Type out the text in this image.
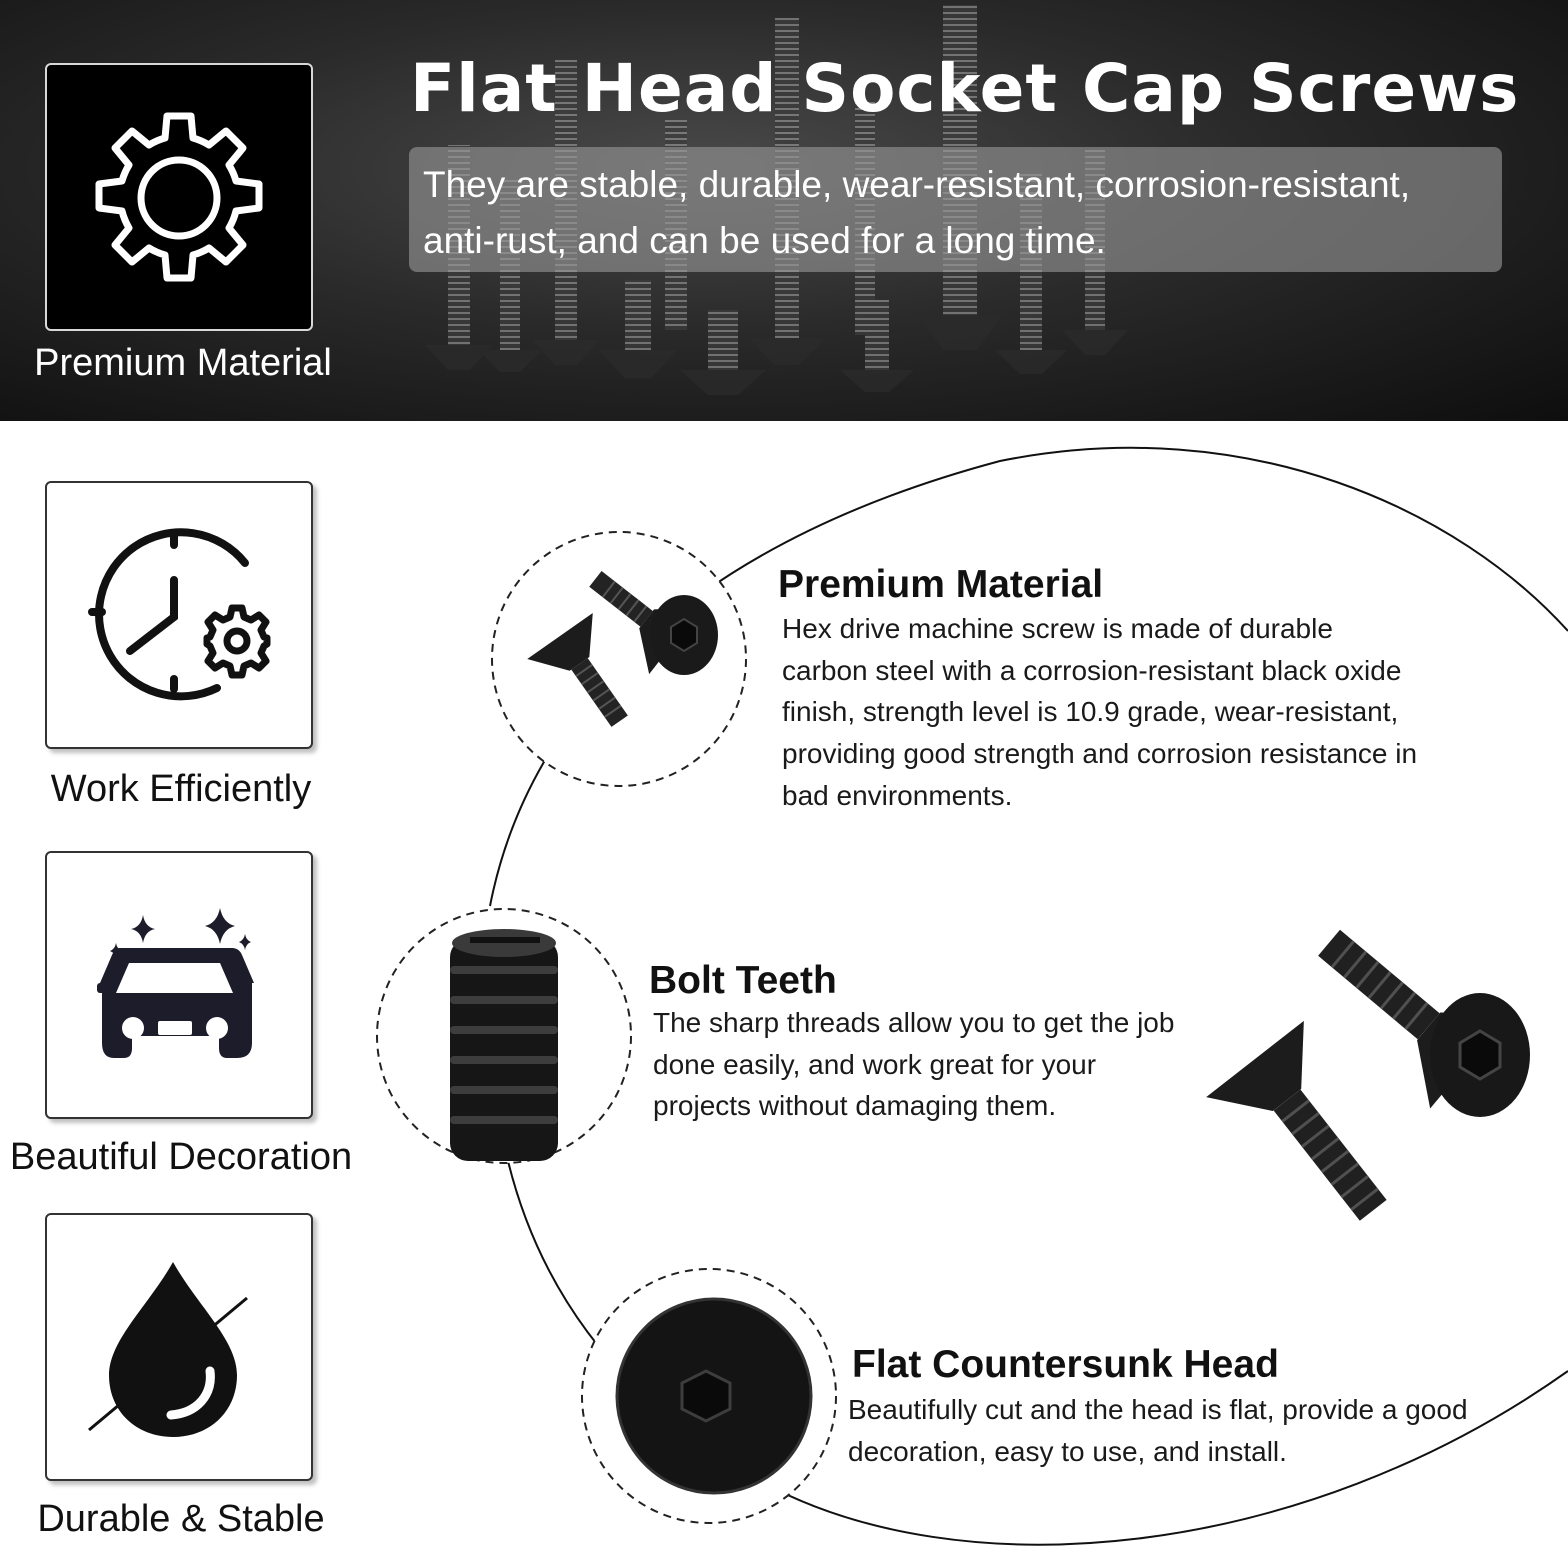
Premium Material
Flat Head Socket Cap Screws
They are stable, durable, wear-resistant, corrosion-resistant, anti-rust, and can be used for a long time.
Work Efficiently
Beautiful Decoration
Durable & Stable
Premium Material
Hex drive machine screw is made of durable carbon steel with a corrosion-resistant black oxide finish, strength level is 10.9 grade, wear-resistant, providing good strength and corrosion resistance in bad environments.
Bolt Teeth
The sharp threads allow you to get the job done easily, and work great for your projects without damaging them.
Flat Countersunk Head
Beautifully cut and the head is flat, provide a good decoration, easy to use, and install.
